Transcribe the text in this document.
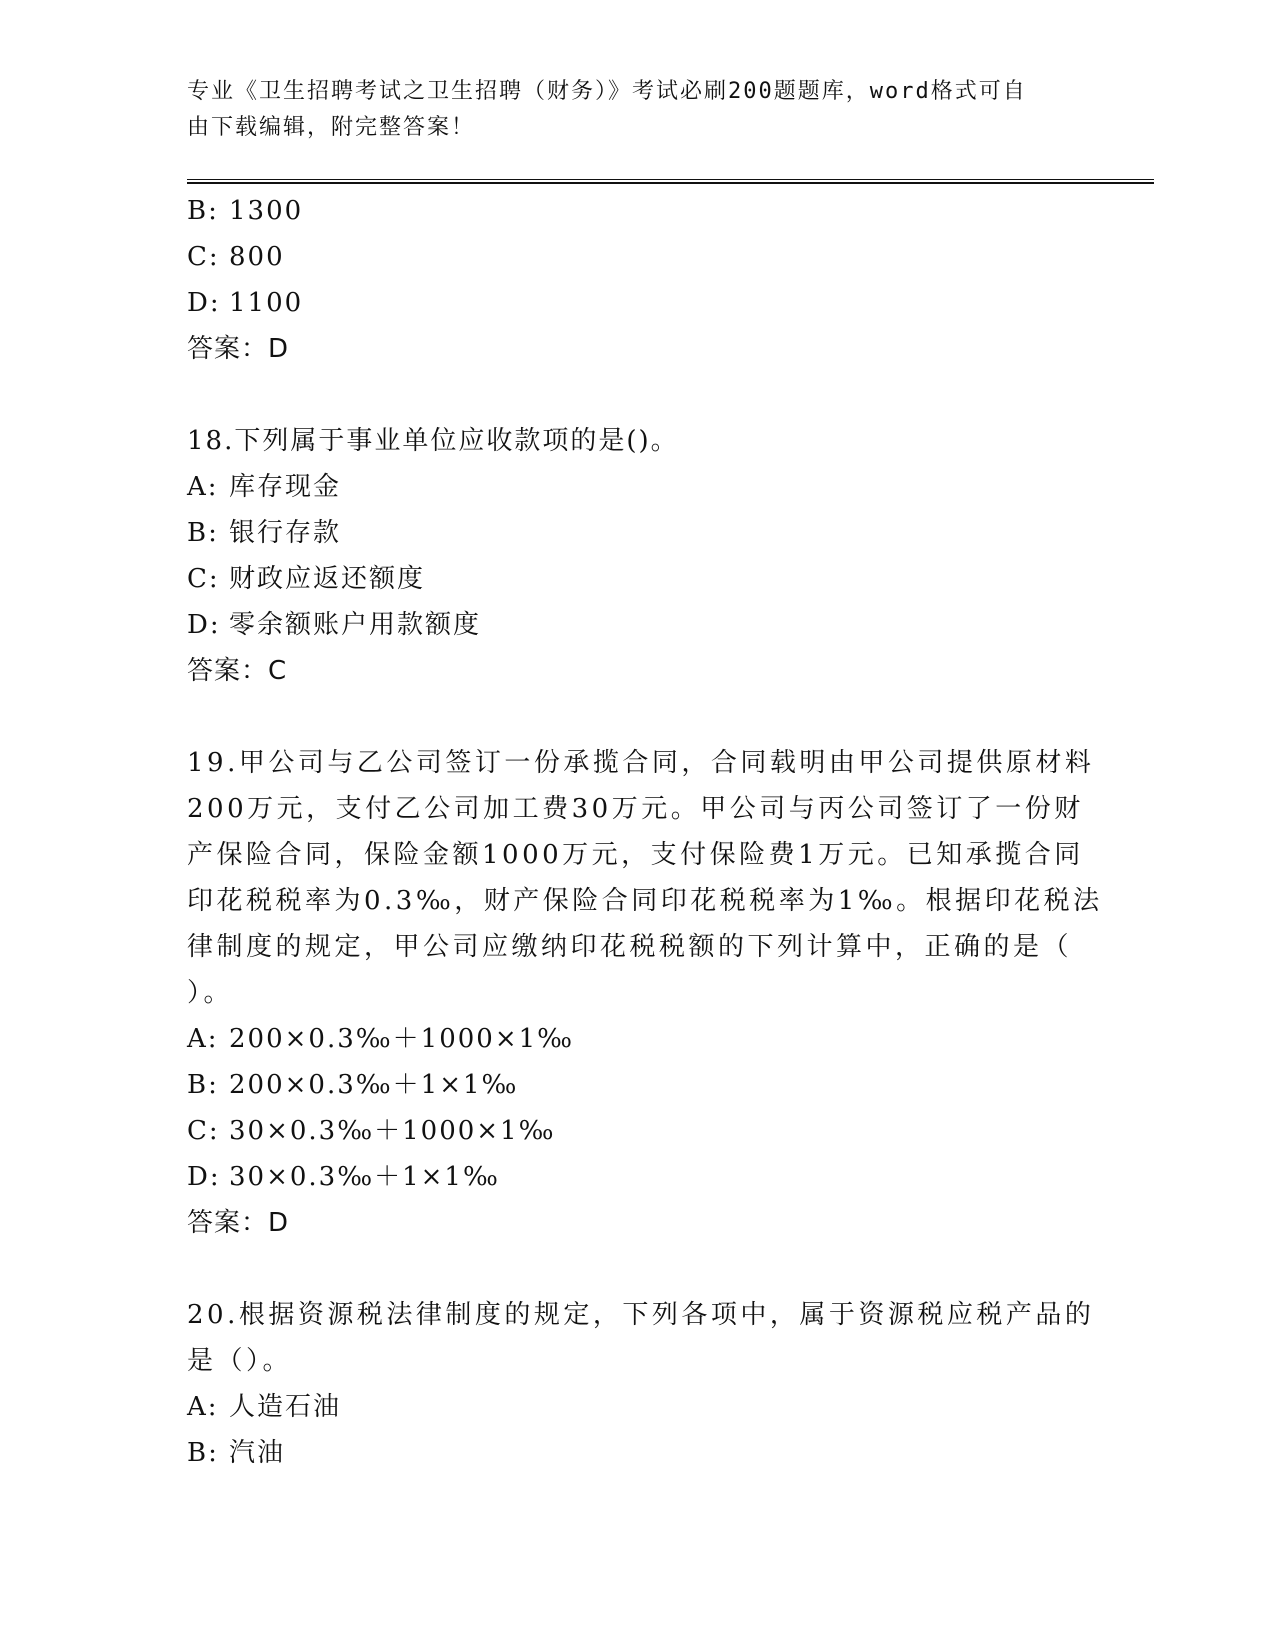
专业《卫生招聘考试之卫生招聘（财务）》考试必刷200题题库，word格式可自
由下载编辑，附完整答案！
B: 1300
C: 800
D: 1100
答案：D
18.下列属于事业单位应收款项的是()。
A: 库存现金
B: 银行存款
C: 财政应返还额度
D: 零余额账户用款额度
答案：C
19.甲公司与乙公司签订一份承揽合同，合同载明由甲公司提供原材料
200万元，支付乙公司加工费30万元。甲公司与丙公司签订了一份财
产保险合同，保险金额1000万元，支付保险费1万元。已知承揽合同
印花税税率为0.3‰，财产保险合同印花税税率为1‰。根据印花税法
律制度的规定，甲公司应缴纳印花税税额的下列计算中，正确的是（
）。
A: 200×0.3‰＋1000×1‰
B: 200×0.3‰＋1×1‰
C: 30×0.3‰＋1000×1‰
D: 30×0.3‰＋1×1‰
答案：D
20.根据资源税法律制度的规定，下列各项中，属于资源税应税产品的
是（）。
A: 人造石油
B: 汽油
